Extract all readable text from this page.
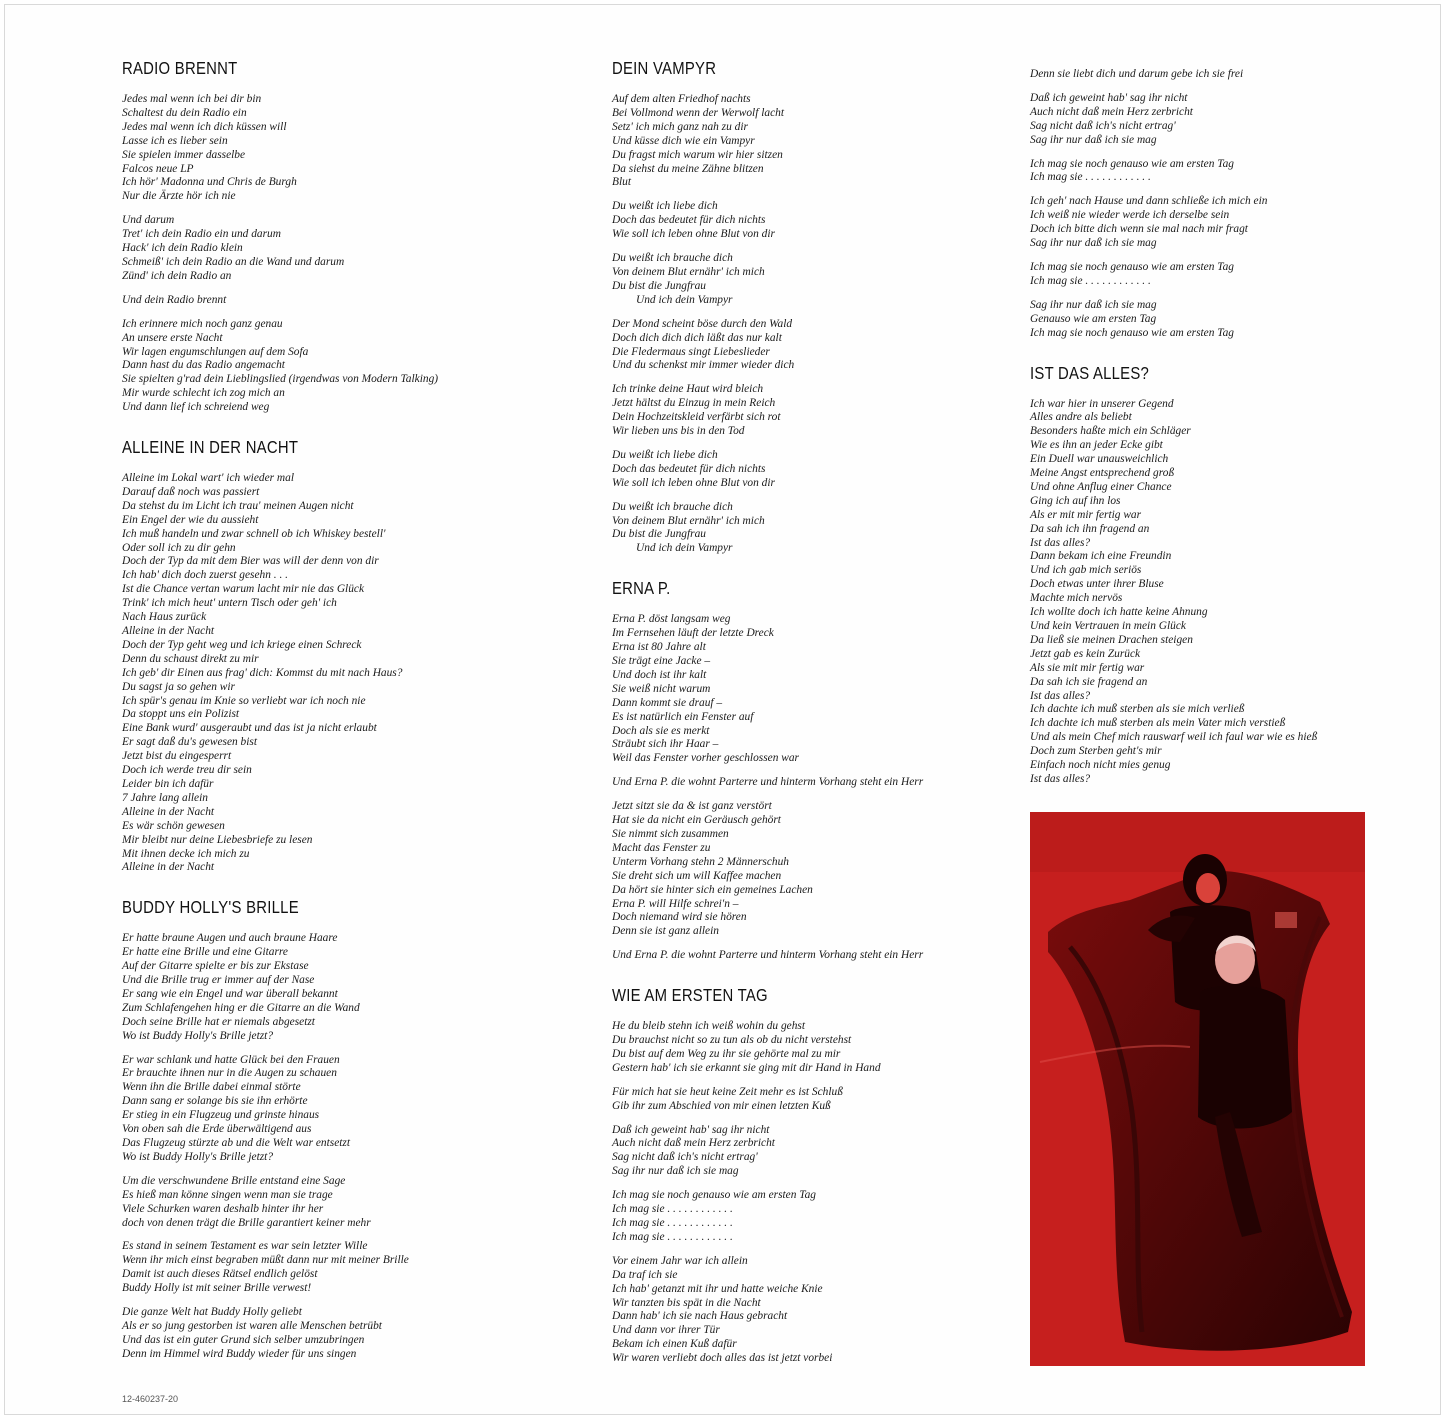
RADIO BRENNT
Jedes mal wenn ich bei dir bin
Schaltest du dein Radio ein
Jedes mal wenn ich dich küssen will
Lasse ich es lieber sein
Sie spielen immer dasselbe
Falcos neue LP
Ich hör' Madonna und Chris de Burgh
Nur die Ärzte hör ich nie
Und darum
Tret' ich dein Radio ein und darum
Hack' ich dein Radio klein
Schmeiß' ich dein Radio an die Wand und darum
Zünd' ich dein Radio an
Und dein Radio brennt
Ich erinnere mich noch ganz genau
An unsere erste Nacht
Wir lagen engumschlungen auf dem Sofa
Dann hast du das Radio angemacht
Sie spielten g'rad dein Lieblingslied (irgendwas von Modern Talking)
Mir wurde schlecht ich zog mich an
Und dann lief ich schreiend weg
ALLEINE IN DER NACHT
Alleine im Lokal wart' ich wieder mal
Darauf daß noch was passiert
Da stehst du im Licht ich trau' meinen Augen nicht
Ein Engel der wie du aussieht
Ich muß handeln und zwar schnell ob ich Whiskey bestell'
Oder soll ich zu dir gehn
Doch der Typ da mit dem Bier was will der denn von dir
Ich hab' dich doch zuerst gesehn . . .
Ist die Chance vertan warum lacht mir nie das Glück
Trink' ich mich heut' untern Tisch oder geh' ich
Nach Haus zurück
Alleine in der Nacht
Doch der Typ geht weg und ich kriege einen Schreck
Denn du schaust direkt zu mir
Ich geb' dir Einen aus frag' dich: Kommst du mit nach Haus?
Du sagst ja so gehen wir
Ich spür's genau im Knie so verliebt war ich noch nie
Da stoppt uns ein Polizist
Eine Bank wurd' ausgeraubt und das ist ja nicht erlaubt
Er sagt daß du's gewesen bist
Jetzt bist du eingesperrt
Doch ich werde treu dir sein
Leider bin ich dafür
7 Jahre lang allein
Alleine in der Nacht
Es wär schön gewesen
Mir bleibt nur deine Liebesbriefe zu lesen
Mit ihnen decke ich mich zu
Alleine in der Nacht
BUDDY HOLLY'S BRILLE
Er hatte braune Augen und auch braune Haare
Er hatte eine Brille und eine Gitarre
Auf der Gitarre spielte er bis zur Ekstase
Und die Brille trug er immer auf der Nase
Er sang wie ein Engel und war überall bekannt
Zum Schlafengehen hing er die Gitarre an die Wand
Doch seine Brille hat er niemals abgesetzt
Wo ist Buddy Holly's Brille jetzt?
Er war schlank und hatte Glück bei den Frauen
Er brauchte ihnen nur in die Augen zu schauen
Wenn ihn die Brille dabei einmal störte
Dann sang er solange bis sie ihn erhörte
Er stieg in ein Flugzeug und grinste hinaus
Von oben sah die Erde überwältigend aus
Das Flugzeug stürzte ab und die Welt war entsetzt
Wo ist Buddy Holly's Brille jetzt?
Um die verschwundene Brille entstand eine Sage
Es hieß man könne singen wenn man sie trage
Viele Schurken waren deshalb hinter ihr her
doch von denen trägt die Brille garantiert keiner mehr
Es stand in seinem Testament es war sein letzter Wille
Wenn ihr mich einst begraben müßt dann nur mit meiner Brille
Damit ist auch dieses Rätsel endlich gelöst
Buddy Holly ist mit seiner Brille verwest!
Die ganze Welt hat Buddy Holly geliebt
Als er so jung gestorben ist waren alle Menschen betrübt
Und das ist ein guter Grund sich selber umzubringen
Denn im Himmel wird Buddy wieder für uns singen
DEIN VAMPYR
Auf dem alten Friedhof nachts
Bei Vollmond wenn der Werwolf lacht
Setz' ich mich ganz nah zu dir
Und küsse dich wie ein Vampyr
Du fragst mich warum wir hier sitzen
Da siehst du meine Zähne blitzen
Blut
Du weißt ich liebe dich
Doch das bedeutet für dich nichts
Wie soll ich leben ohne Blut von dir
Du weißt ich brauche dich
Von deinem Blut ernähr' ich mich
Du bist die Jungfrau
Und ich dein Vampyr
Der Mond scheint böse durch den Wald
Doch dich dich dich läßt das nur kalt
Die Fledermaus singt Liebeslieder
Und du schenkst mir immer wieder dich
Ich trinke deine Haut wird bleich
Jetzt hältst du Einzug in mein Reich
Dein Hochzeitskleid verfärbt sich rot
Wir lieben uns bis in den Tod
Du weißt ich liebe dich
Doch das bedeutet für dich nichts
Wie soll ich leben ohne Blut von dir
Du weißt ich brauche dich
Von deinem Blut ernähr' ich mich
Du bist die Jungfrau
Und ich dein Vampyr
ERNA P.
Erna P. döst langsam weg
Im Fernsehen läuft der letzte Dreck
Erna ist 80 Jahre alt
Sie trägt eine Jacke –
Und doch ist ihr kalt
Sie weiß nicht warum
Dann kommt sie drauf –
Es ist natürlich ein Fenster auf
Doch als sie es merkt
Sträubt sich ihr Haar –
Weil das Fenster vorher geschlossen war
Und Erna P. die wohnt Parterre und hinterm Vorhang steht ein Herr
Jetzt sitzt sie da & ist ganz verstört
Hat sie da nicht ein Geräusch gehört
Sie nimmt sich zusammen
Macht das Fenster zu
Unterm Vorhang stehn 2 Männerschuh
Sie dreht sich um will Kaffee machen
Da hört sie hinter sich ein gemeines Lachen
Erna P. will Hilfe schrei'n –
Doch niemand wird sie hören
Denn sie ist ganz allein
Und Erna P. die wohnt Parterre und hinterm Vorhang steht ein Herr
WIE AM ERSTEN TAG
He du bleib stehn ich weiß wohin du gehst
Du brauchst nicht so zu tun als ob du nicht verstehst
Du bist auf dem Weg zu ihr sie gehörte mal zu mir
Gestern hab' ich sie erkannt sie ging mit dir Hand in Hand
Für mich hat sie heut keine Zeit mehr es ist Schluß
Gib ihr zum Abschied von mir einen letzten Kuß
Daß ich geweint hab' sag ihr nicht
Auch nicht daß mein Herz zerbricht
Sag nicht daß ich's nicht ertrag'
Sag ihr nur daß ich sie mag
Ich mag sie noch genauso wie am ersten Tag
Ich mag sie . . . . . . . . . . . .
Ich mag sie . . . . . . . . . . . .
Ich mag sie . . . . . . . . . . . .
Vor einem Jahr war ich allein
Da traf ich sie
Ich hab' getanzt mit ihr und hatte weiche Knie
Wir tanzten bis spät in die Nacht
Dann hab' ich sie nach Haus gebracht
Und dann vor ihrer Tür
Bekam ich einen Kuß dafür
Wir waren verliebt doch alles das ist jetzt vorbei
Denn sie liebt dich und darum gebe ich sie frei
Daß ich geweint hab' sag ihr nicht
Auch nicht daß mein Herz zerbricht
Sag nicht daß ich's nicht ertrag'
Sag ihr nur daß ich sie mag
Ich mag sie noch genauso wie am ersten Tag
Ich mag sie . . . . . . . . . . . .
Ich geh' nach Hause und dann schließe ich mich ein
Ich weiß nie wieder werde ich derselbe sein
Doch ich bitte dich wenn sie mal nach mir fragt
Sag ihr nur daß ich sie mag
Ich mag sie noch genauso wie am ersten Tag
Ich mag sie . . . . . . . . . . . .
Sag ihr nur daß ich sie mag
Genauso wie am ersten Tag
Ich mag sie noch genauso wie am ersten Tag
IST DAS ALLES?
Ich war hier in unserer Gegend
Alles andre als beliebt
Besonders haßte mich ein Schläger
Wie es ihn an jeder Ecke gibt
Ein Duell war unausweichlich
Meine Angst entsprechend groß
Und ohne Anflug einer Chance
Ging ich auf ihn los
Als er mit mir fertig war
Da sah ich ihn fragend an
Ist das alles?
Dann bekam ich eine Freundin
Und ich gab mich seriös
Doch etwas unter ihrer Bluse
Machte mich nervös
Ich wollte doch ich hatte keine Ahnung
Und kein Vertrauen in mein Glück
Da ließ sie meinen Drachen steigen
Jetzt gab es kein Zurück
Als sie mit mir fertig war
Da sah ich sie fragend an
Ist das alles?
Ich dachte ich muß sterben als sie mich verließ
Ich dachte ich muß sterben als mein Vater mich verstieß
Und als mein Chef mich rauswarf weil ich faul war wie es hieß
Doch zum Sterben geht's mir
Einfach noch nicht mies genug
Ist das alles?
12-460237-20
